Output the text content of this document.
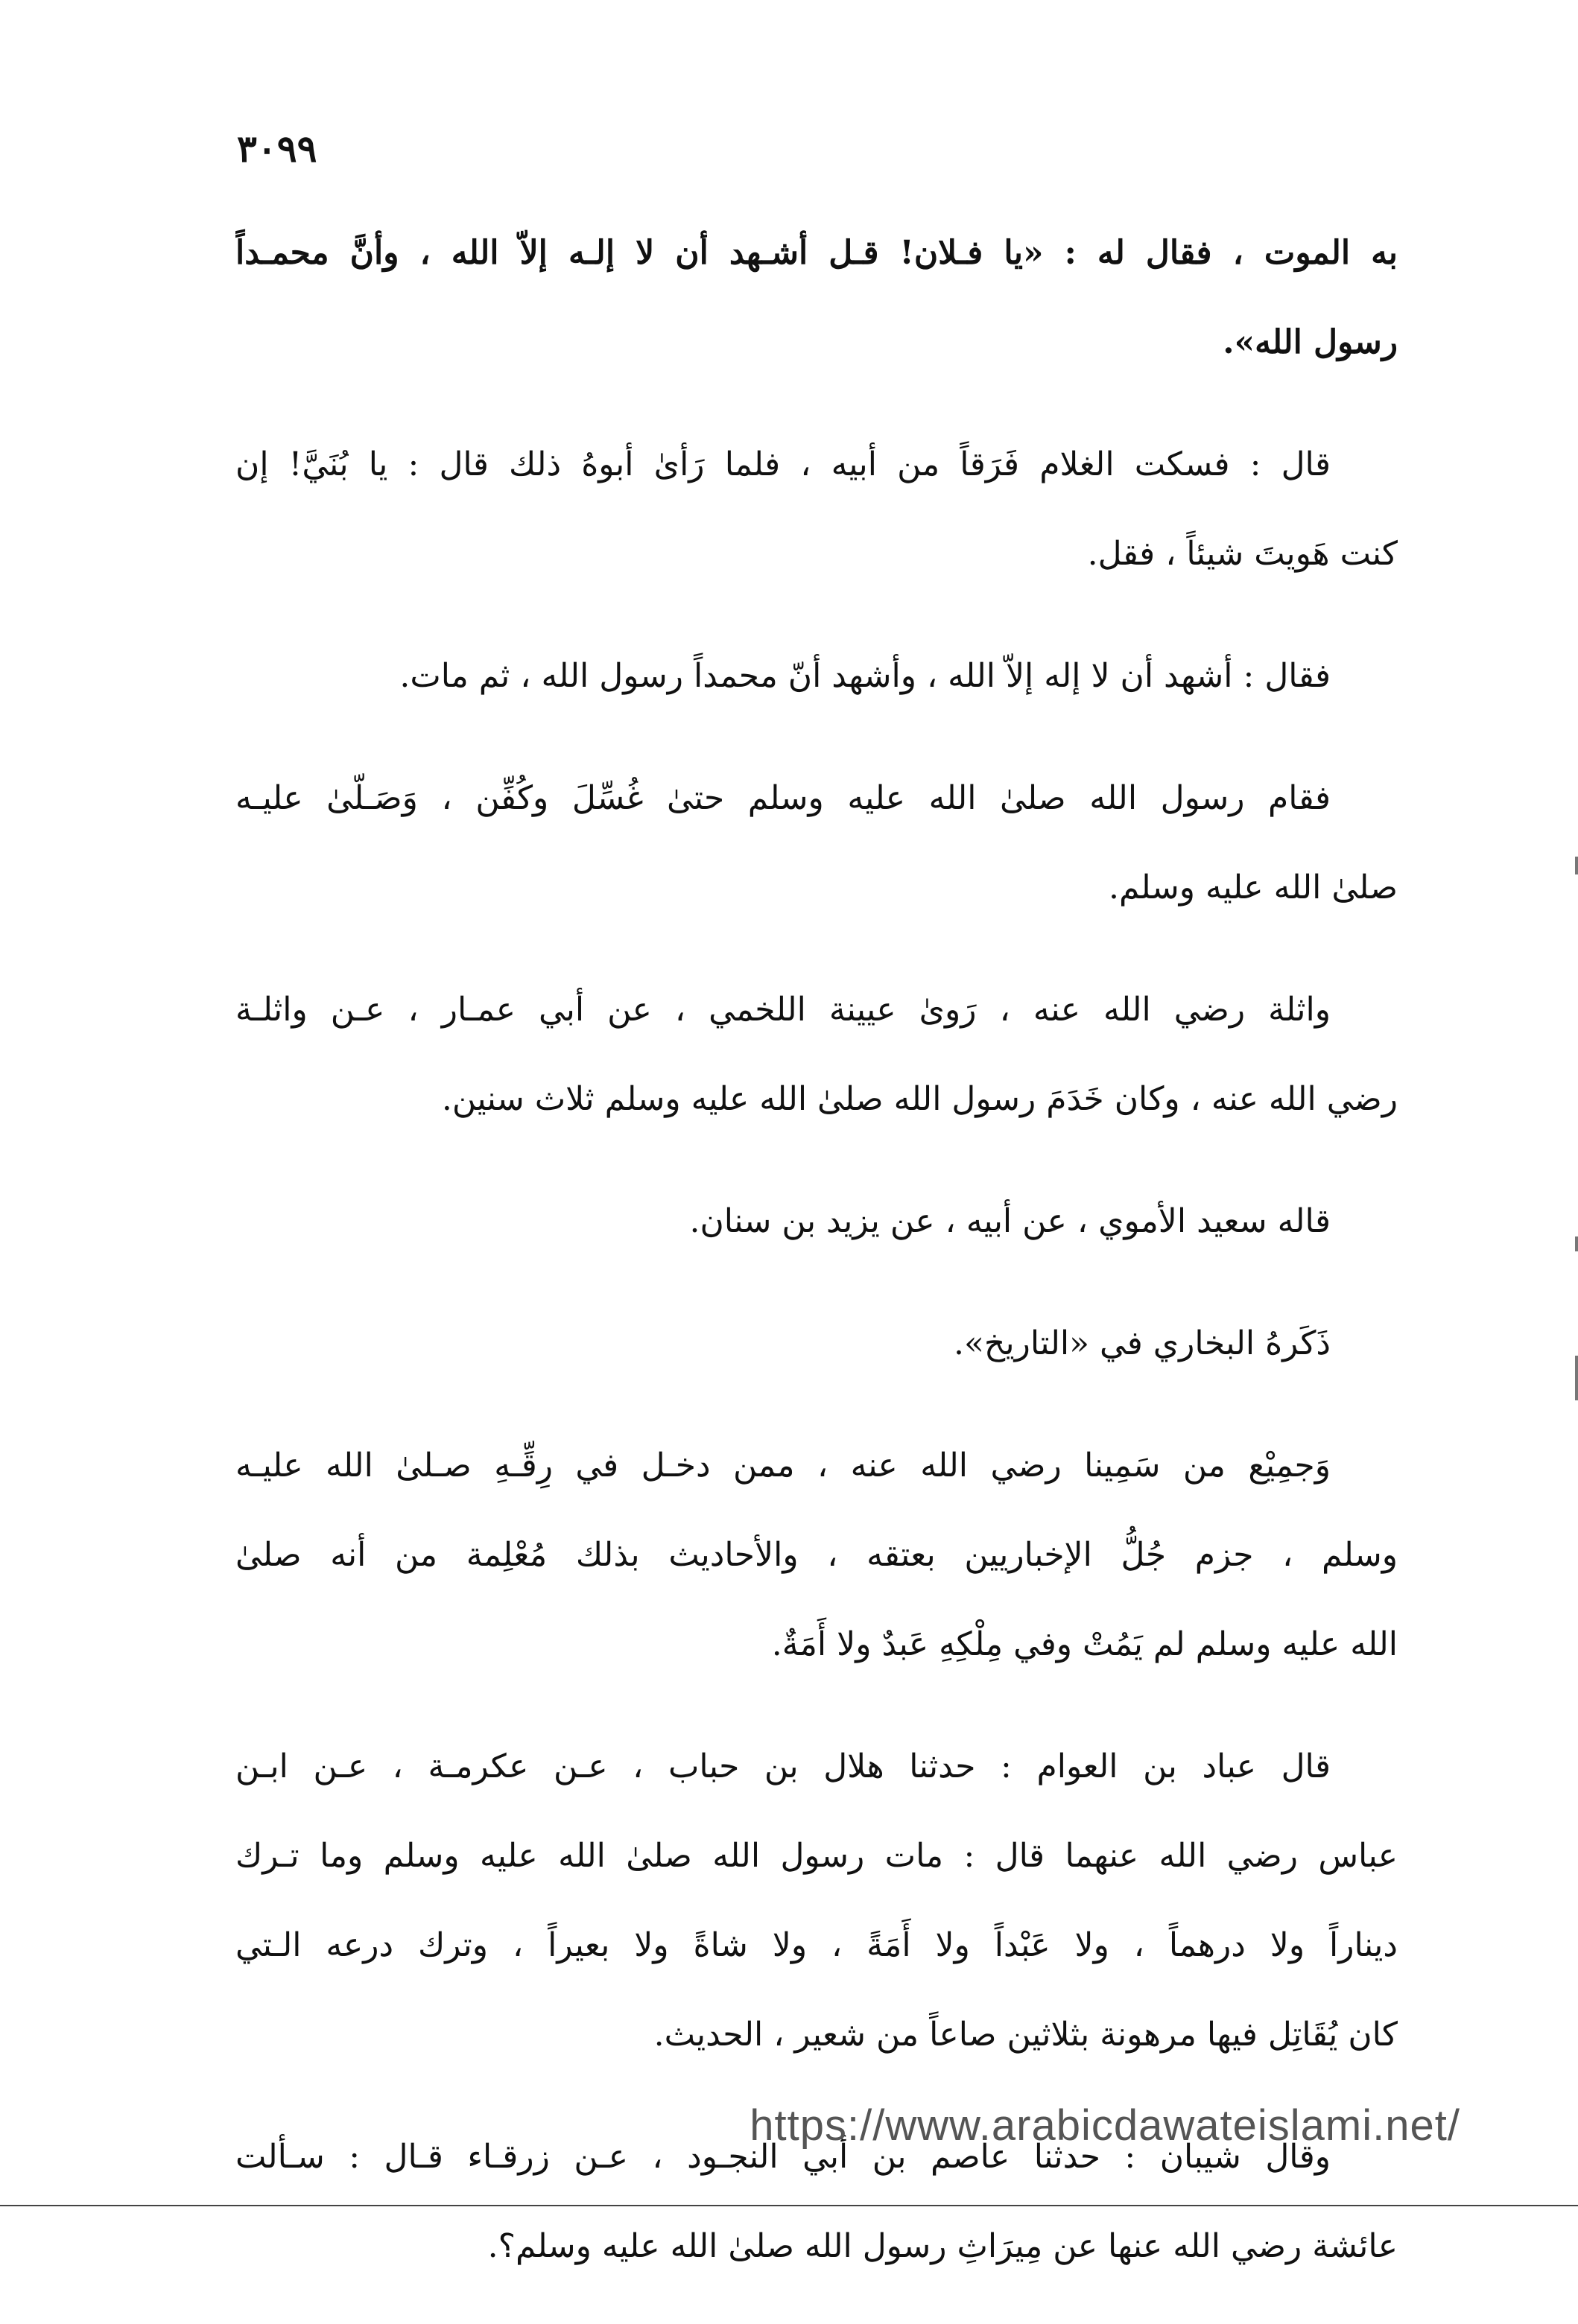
٣٠٩٩

به الموت ، فقال له : «يا فـلان! قـل أشـهد أن لا إلـه إلاّ الله ، وأنَّ محمـداً
رسول الله».

قال : فسكت الغلام فَرَقاً من أبيه ، فلما رَأىٰ أبوهُ ذلك قال : يا بُنَيَّ! إن
كنت هَويتَ شيئاً ، فقل.

فقال : أشهد أن لا إله إلاّ الله ، وأشهد أنّ محمداً رسول الله ، ثم مات.

فقام رسول الله صلىٰ الله عليه وسلم حتىٰ غُسِّلَ وكُفِّن ، وَصَـلّىٰ عليـه
صلىٰ الله عليه وسلم.

واثلة رضي الله عنه ، رَوىٰ عيينة اللخمي ، عن أبي عمـار ، عـن واثلـة
رضي الله عنه ، وكان خَدَمَ رسول الله صلىٰ الله عليه وسلم ثلاث سنين.

قاله سعيد الأموي ، عن أبيه ، عن يزيد بن سنان.

ذَكَرهُ البخاري في «التاريخ».

وَجمِيْع من سَمِينا رضي الله عنه ، ممن دخـل في رِقِّـهِ صـلىٰ الله عليـه
وسلم ، جزم جُلُّ الإخباريين بعتقه ، والأحاديث بذلك مُعْلِمة من أنه صلىٰ
الله عليه وسلم لم يَمُتْ وفي مِلْكِهِ عَبدٌ ولا أَمَةٌ.

قال عباد بن العوام : حدثنا هلال بن حباب ، عـن عكرمـة ، عـن ابـن
عباس رضي الله عنهما قال : مات رسول الله صلىٰ الله عليه وسلم وما تـرك
ديناراً ولا درهماً ، ولا عَبْداً ولا أَمَةً ، ولا شاةً ولا بعيراً ، وترك درعه الـتي
كان يُقَاتِل فيها مرهونة بثلاثين صاعاً من شعير ، الحديث.

وقال شيبان : حدثنا عاصم بن أبي النجـود ، عـن زرقـاء قـال : سـألت
عائشة رضي الله عنها عن مِيرَاثِ رسول الله صلىٰ الله عليه وسلم؟.

https://www.arabicdawateislami.net/
